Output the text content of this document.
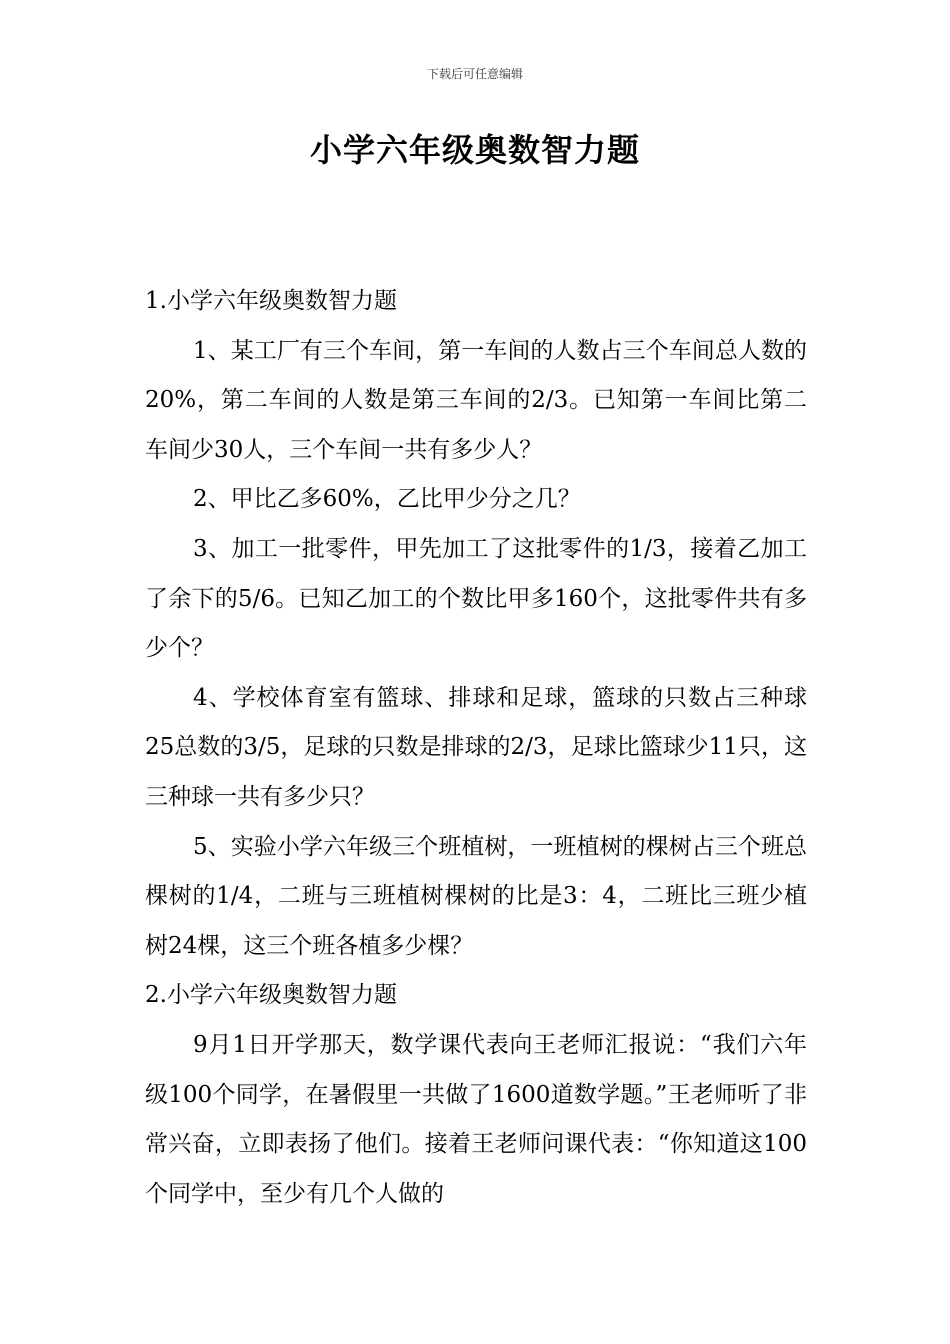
下载后可任意编辑
小学六年级奥数智力题

1.小学六年级奥数智力题

1、某工厂有三个车间，第一车间的人数占三个车间总人数的20%，第二车间的人数是第三车间的2/3。已知第一车间比第二车间少30人，三个车间一共有多少人？

2、甲比乙多60%，乙比甲少分之几？

3、加工一批零件，甲先加工了这批零件的1/3，接着乙加工了余下的5/6。已知乙加工的个数比甲多160个，这批零件共有多少个？

4、学校体育室有篮球、排球和足球，篮球的只数占三种球25总数的3/5，足球的只数是排球的2/3，足球比篮球少11只，这三种球一共有多少只？

5、实验小学六年级三个班植树，一班植树的棵树占三个班总棵树的1/4，二班与三班植树棵树的比是3：4，二班比三班少植树24棵，这三个班各植多少棵？

2.小学六年级奥数智力题

9月1日开学那天，数学课代表向王老师汇报说：“我们六年级100个同学，在暑假里一共做了1600道数学题。”王老师听了非常兴奋，立即表扬了他们。接着王老师问课代表：“你知道这100个同学中，至少有几个人做的
